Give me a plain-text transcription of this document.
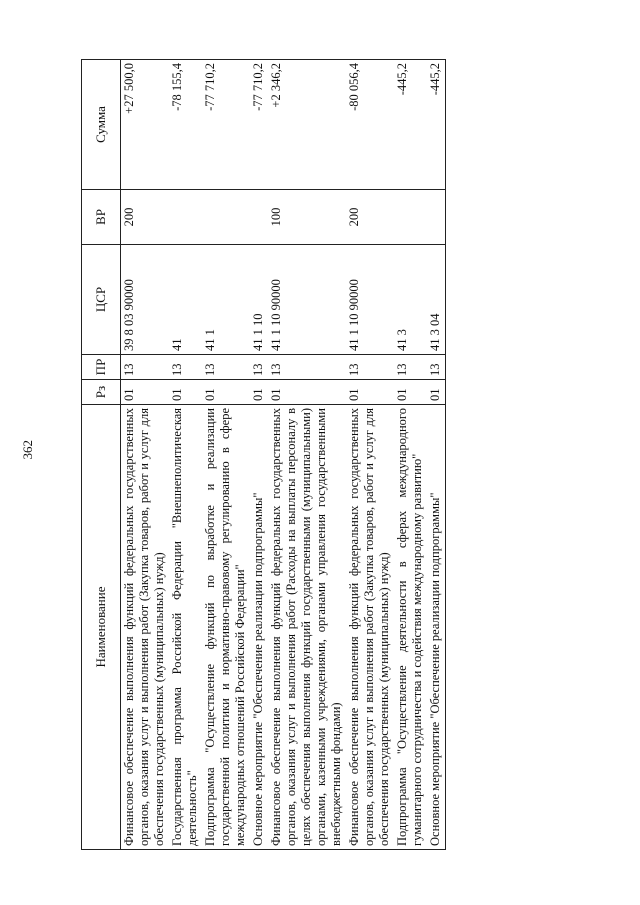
362
Наименование	Рз	ПР	ЦСР	ВР	Сумма
Финансовое обеспечение выполнения функций федеральных государственных органов, оказания услуг и выполнения работ (Закупка товаров, работ и услуг для обеспечения государственных (муниципальных) нужд)	01	13	39 8 03 90000	200	+27 500,0
Государственная программа Российской Федерации "Внешнеполитическая деятельность"	01	13	41		-78 155,4
Подпрограмма "Осуществление функций по выработке и реализации государственной политики и нормативно-правовому регулированию в сфере международных отношений Российской Федерации"	01	13	41 1		-77 710,2
Основное мероприятие "Обеспечение реализации подпрограммы"	01	13	41 1 10		-77 710,2
Финансовое обеспечение выполнения функций федеральных государственных органов, оказания услуг и выполнения работ (Расходы на выплаты персоналу в целях обеспечения выполнения функций государственными (муниципальными) органами, казенными учреждениями, органами управления государственными внебюджетными фондами)	01	13	41 1 10 90000	100	+2 346,2
Финансовое обеспечение выполнения функций федеральных государственных органов, оказания услуг и выполнения работ (Закупка товаров, работ и услуг для обеспечения государственных (муниципальных) нужд)	01	13	41 1 10 90000	200	-80 056,4
Подпрограмма "Осуществление деятельности в сферах международного гуманитарного сотрудничества и содействия международному развитию"	01	13	41 3		-445,2
Основное мероприятие "Обеспечение реализации подпрограммы"	01	13	41 3 04		-445,2
